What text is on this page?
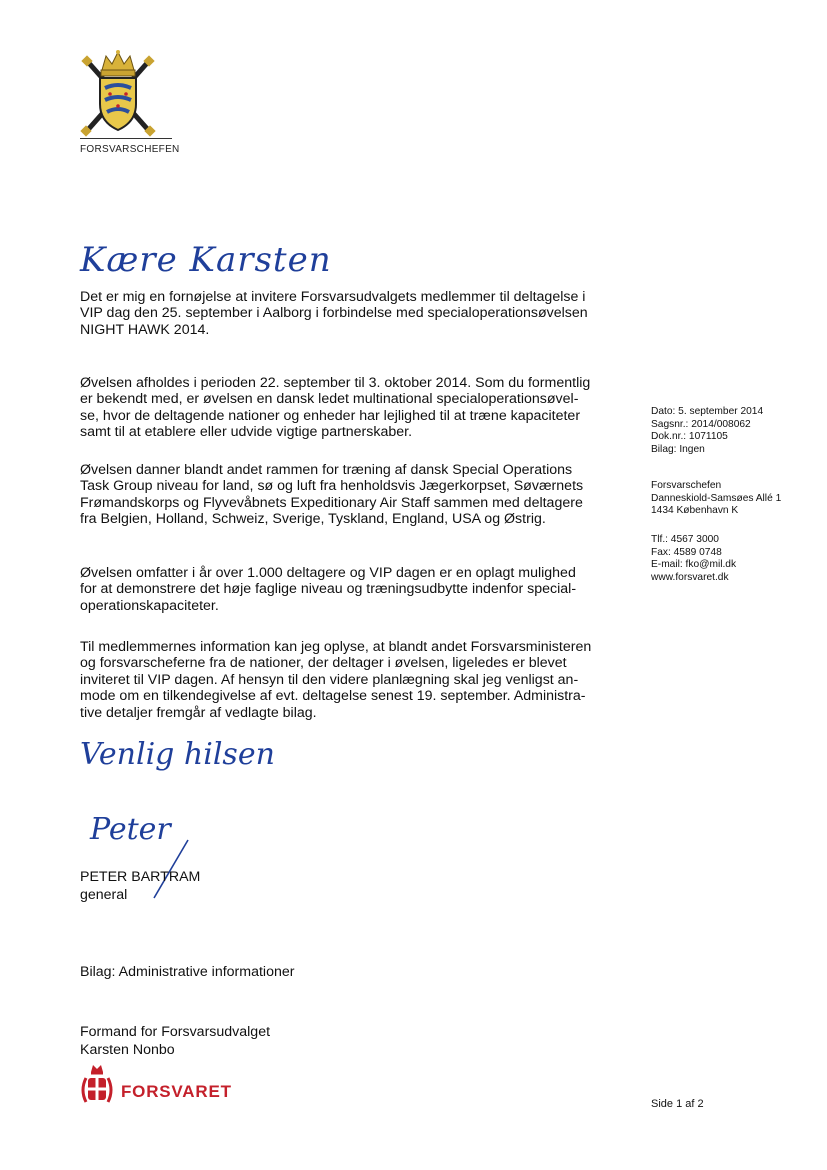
FORSVARSCHEFEN
Kære Karsten

Det er mig en fornøjelse at invitere Forsvarsudvalgets medlemmer til deltagelse i
VIP dag den 25. september i Aalborg i forbindelse med specialoperationsøvelsen
NIGHT HAWK 2014.

Øvelsen afholdes i perioden 22. september til 3. oktober 2014. Som du formentlig
er bekendt med, er øvelsen en dansk ledet multinational specialoperationsøvel-
se, hvor de deltagende nationer og enheder har lejlighed til at træne kapaciteter
samt til at etablere eller udvide vigtige partnerskaber.

Øvelsen danner blandt andet rammen for træning af dansk Special Operations
Task Group niveau for land, sø og luft fra henholdsvis Jægerkorpset, Søværnets
Frømandskorps og Flyvevåbnets Expeditionary Air Staff sammen med deltagere
fra Belgien, Holland, Schweiz, Sverige, Tyskland, England, USA og Østrig.

Øvelsen omfatter i år over 1.000 deltagere og VIP dagen er en oplagt mulighed
for at demonstrere det høje faglige niveau og træningsudbytte indenfor special-
operationskapaciteter.

Til medlemmernes information kan jeg oplyse, at blandt andet Forsvarsministeren
og forsvarscheferne fra de nationer, der deltager i øvelsen, ligeledes er blevet
inviteret til VIP dagen. Af hensyn til den videre planlægning skal jeg venligst an-
mode om en tilkendegivelse af evt. deltagelse senest 19. september. Administra-
tive detaljer fremgår af vedlagte bilag.

Venlig hilsen
Peter
PETER BARTRAM
general
Bilag: Administrative informationer
Formand for Forsvarsudvalget
Karsten Nonbo
FORSVARET

Dato: 5. september 2014
Sagsnr.: 2014/008062
Dok.nr.: 1071105
Bilag: Ingen

Forsvarschefen
Danneskiold-Samsøes Allé 1
1434 København K

Tlf.: 4567 3000
Fax: 4589 0748
E-mail: fko@mil.dk
www.forsvaret.dk

Side 1 af 2
